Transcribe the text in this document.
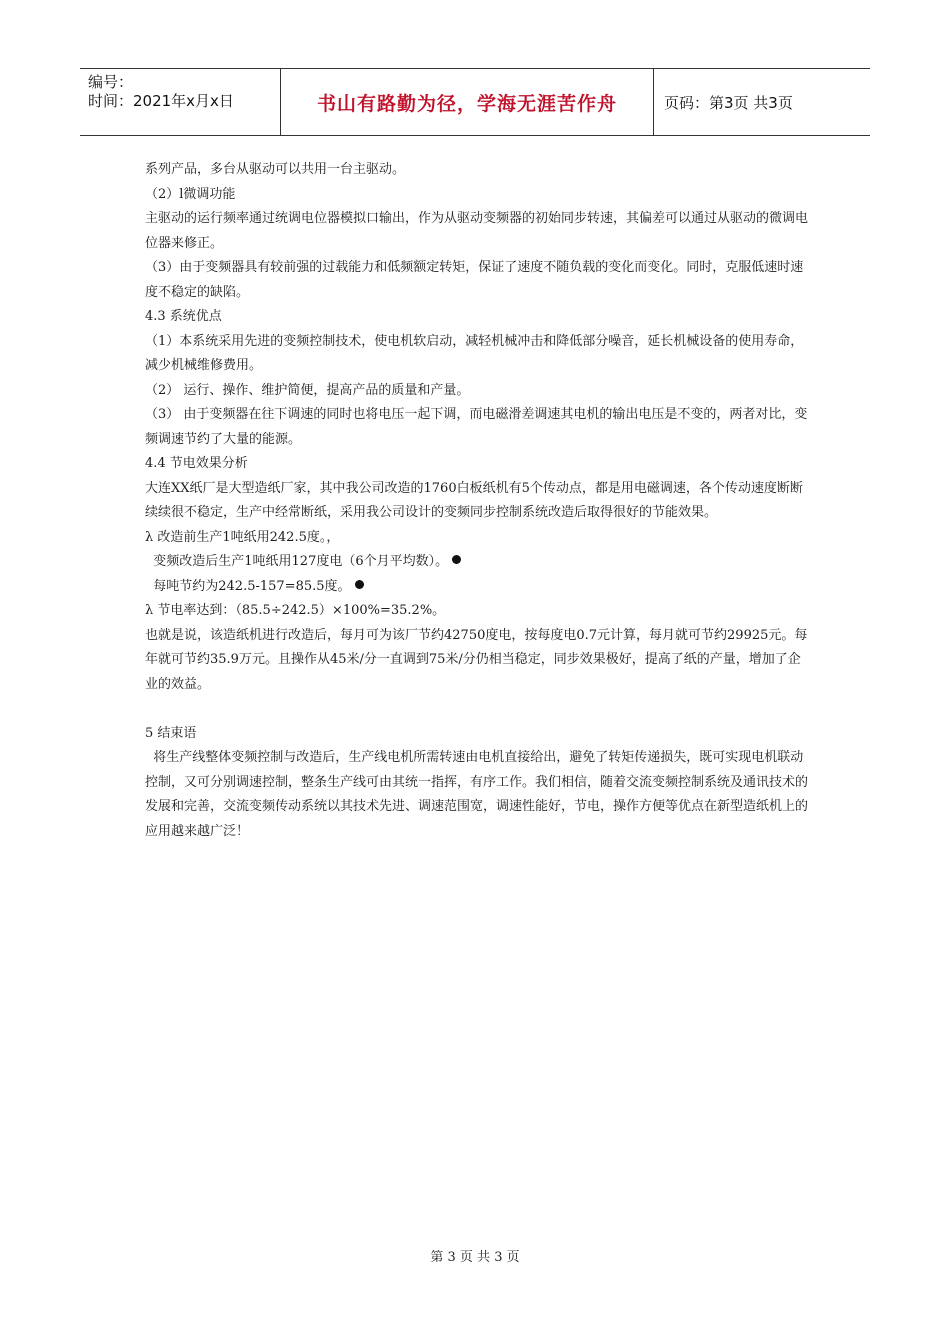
编号：
时间：2021年x月x日	书山有路勤为径，学海无涯苦作舟	页码：第3页 共3页

系列产品，多台从驱动可以共用一台主驱动。

（2）l微调功能

主驱动的运行频率通过统调电位器模拟口输出，作为从驱动变频器的初始同步转速，其偏差可以通过从驱动的微调电位器来修正。

（3）由于变频器具有较前强的过载能力和低频额定转矩，保证了速度不随负载的变化而变化。同时，克服低速时速度不稳定的缺陷。

4.3 系统优点

（1）本系统采用先进的变频控制技术，使电机软启动，减轻机械冲击和降低部分噪音，延长机械设备的使用寿命，减少机械维修费用。

（2） 运行、操作、维护简便，提高产品的质量和产量。

（3） 由于变频器在往下调速的同时也将电压一起下调，而电磁滑差调速其电机的输出电压是不变的，两者对比，变频调速节约了大量的能源。

4.4 节电效果分析

大连XX纸厂是大型造纸厂家，其中我公司改造的1760白板纸机有5个传动点，都是用电磁调速，各个传动速度断断续续很不稳定，生产中经常断纸，采用我公司设计的变频同步控制系统改造后取得很好的节能效果。

λ 改造前生产1吨纸用242.5度。，

变频改造后生产1吨纸用127度电（6个月平均数）。

每吨节约为242.5-157=85.5度。

λ 节电率达到：（85.5÷242.5）×100%=35.2%。

也就是说，该造纸机进行改造后，每月可为该厂节约42750度电，按每度电0.7元计算，每月就可节约29925元。每年就可节约35.9万元。且操作从45米/分一直调到75米/分仍相当稳定，同步效果极好，提高了纸的产量，增加了企业的效益。

5 结束语

将生产线整体变频控制与改造后，生产线电机所需转速由电机直接给出，避免了转矩传递损失，既可实现电机联动控制，又可分别调速控制，整条生产线可由其统一指挥，有序工作。我们相信，随着交流变频控制系统及通讯技术的发展和完善，交流变频传动系统以其技术先进、调速范围宽，调速性能好，节电，操作方便等优点在新型造纸机上的应用越来越广泛！

第 3 页 共 3 页
